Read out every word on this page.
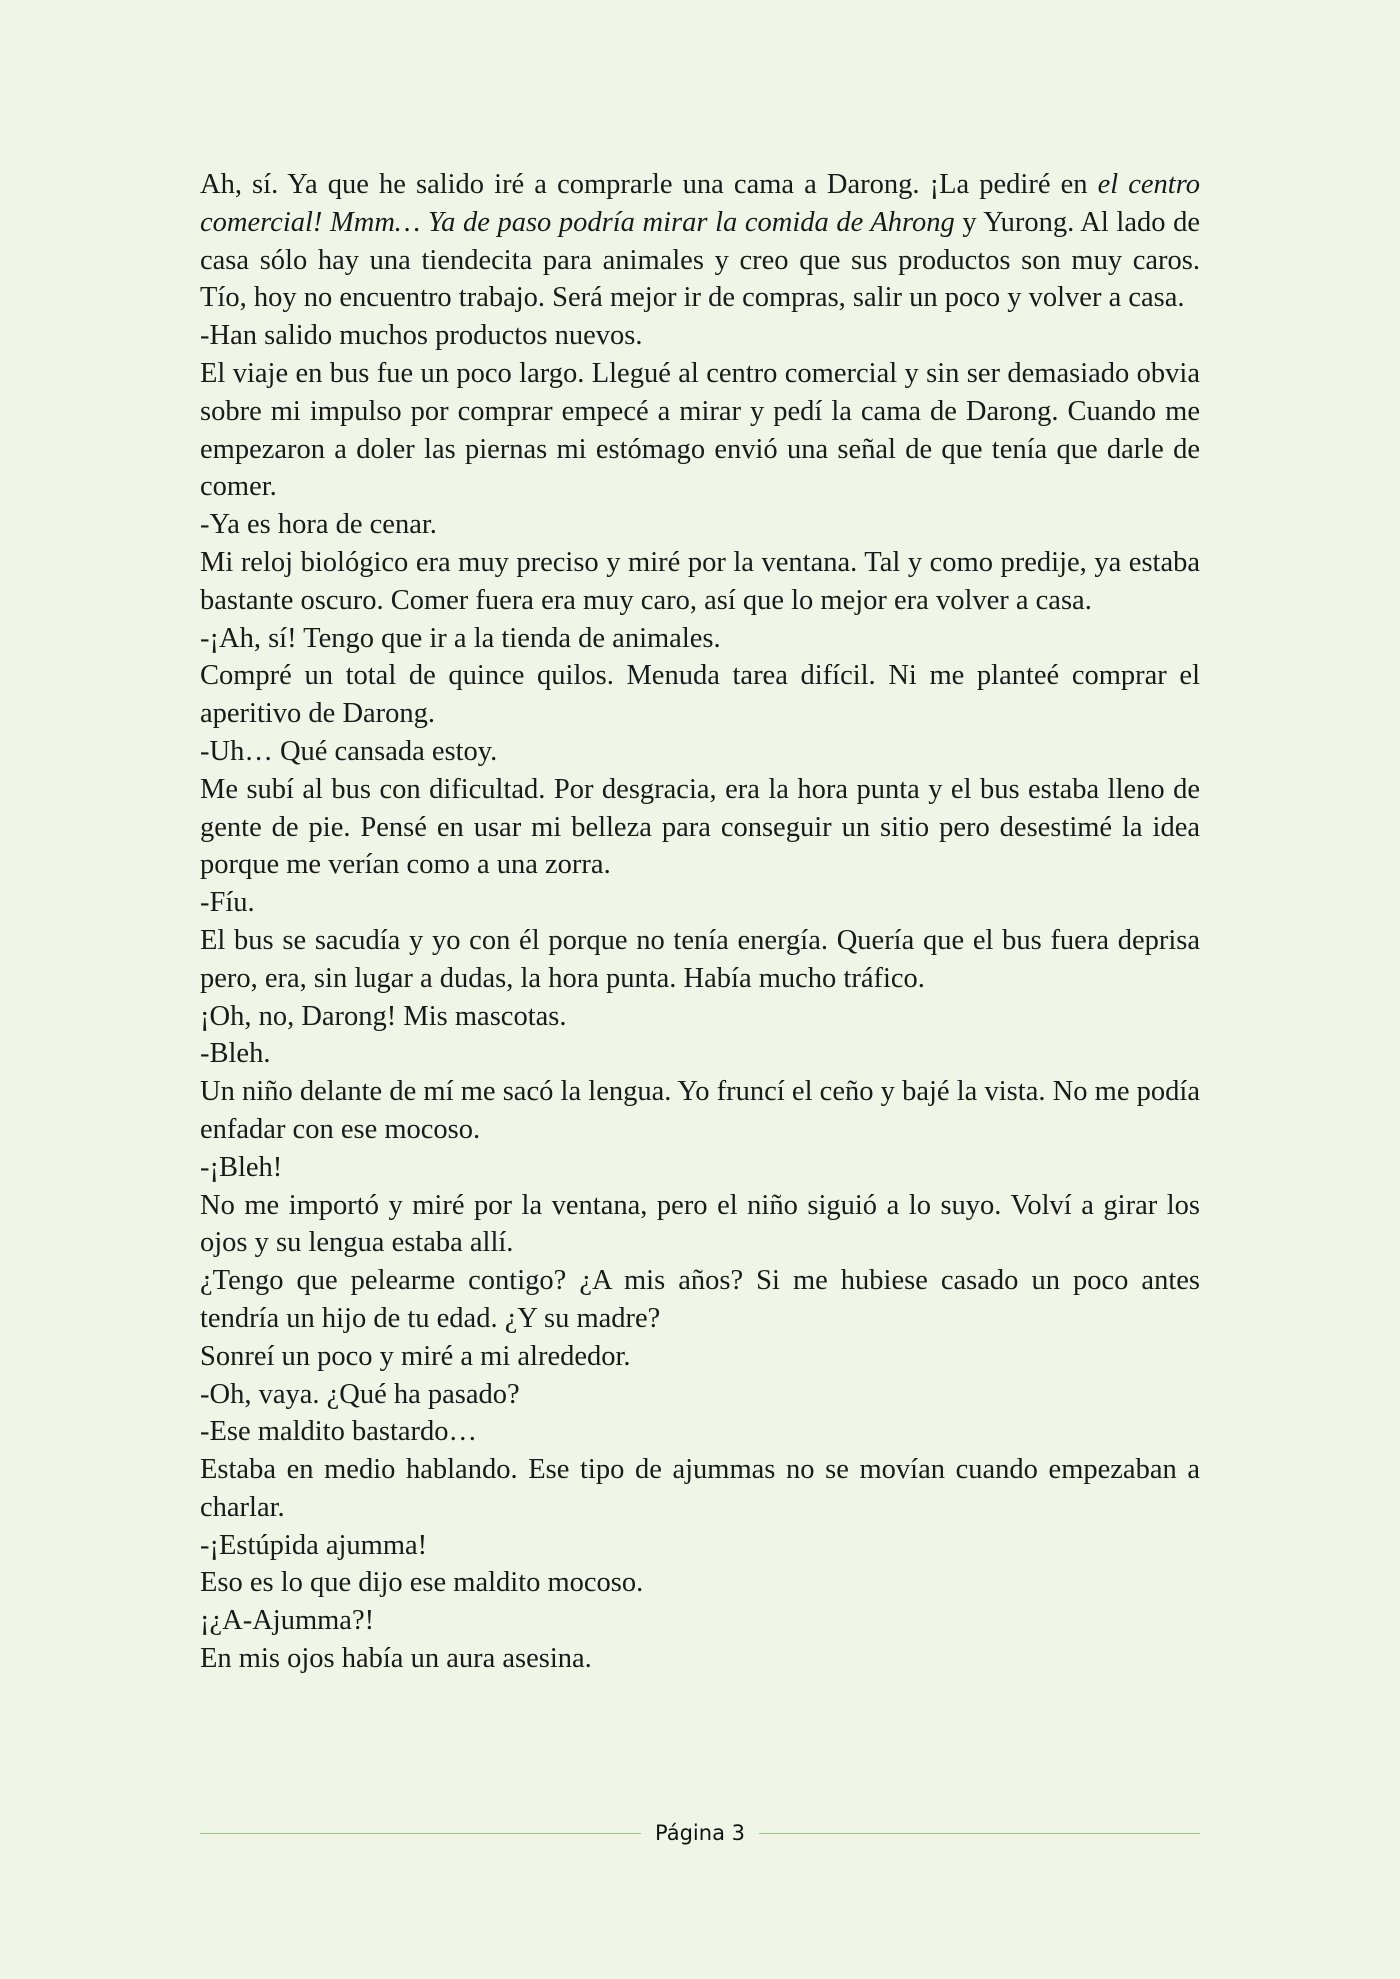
Ah, sí. Ya que he salido iré a comprarle una cama a Darong. ¡La pediré en el centro comercial! Mmm… Ya de paso podría mirar la comida de Ahrong y Yurong. Al lado de casa sólo hay una tiendecita para animales y creo que sus productos son muy caros. Tío, hoy no encuentro trabajo. Será mejor ir de compras, salir un poco y volver a casa.

-Han salido muchos productos nuevos.

El viaje en bus fue un poco largo. Llegué al centro comercial y sin ser demasiado obvia sobre mi impulso por comprar empecé a mirar y pedí la cama de Darong. Cuando me empezaron a doler las piernas mi estómago envió una señal de que tenía que darle de comer.

-Ya es hora de cenar.

Mi reloj biológico era muy preciso y miré por la ventana. Tal y como predije, ya estaba bastante oscuro. Comer fuera era muy caro, así que lo mejor era volver a casa.

-¡Ah, sí! Tengo que ir a la tienda de animales.

Compré un total de quince quilos. Menuda tarea difícil. Ni me planteé comprar el aperitivo de Darong.

-Uh… Qué cansada estoy.

Me subí al bus con dificultad. Por desgracia, era la hora punta y el bus estaba lleno de gente de pie. Pensé en usar mi belleza para conseguir un sitio pero desestimé la idea porque me verían como a una zorra.

-Fíu.

El bus se sacudía y yo con él porque no tenía energía. Quería que el bus fuera deprisa pero, era, sin lugar a dudas, la hora punta. Había mucho tráfico.

¡Oh, no, Darong! Mis mascotas.

-Bleh.

Un niño delante de mí me sacó la lengua. Yo fruncí el ceño y bajé la vista. No me podía enfadar con ese mocoso.

-¡Bleh!

No me importó y miré por la ventana, pero el niño siguió a lo suyo. Volví a girar los ojos y su lengua estaba allí.

¿Tengo que pelearme contigo? ¿A mis años? Si me hubiese casado un poco antes tendría un hijo de tu edad. ¿Y su madre?

Sonreí un poco y miré a mi alrededor.

-Oh, vaya. ¿Qué ha pasado?

-Ese maldito bastardo…

Estaba en medio hablando. Ese tipo de ajummas no se movían cuando empezaban a charlar.

-¡Estúpida ajumma!

Eso es lo que dijo ese maldito mocoso.

¡¿A-Ajumma?!

En mis ojos había un aura asesina.

Página 3
